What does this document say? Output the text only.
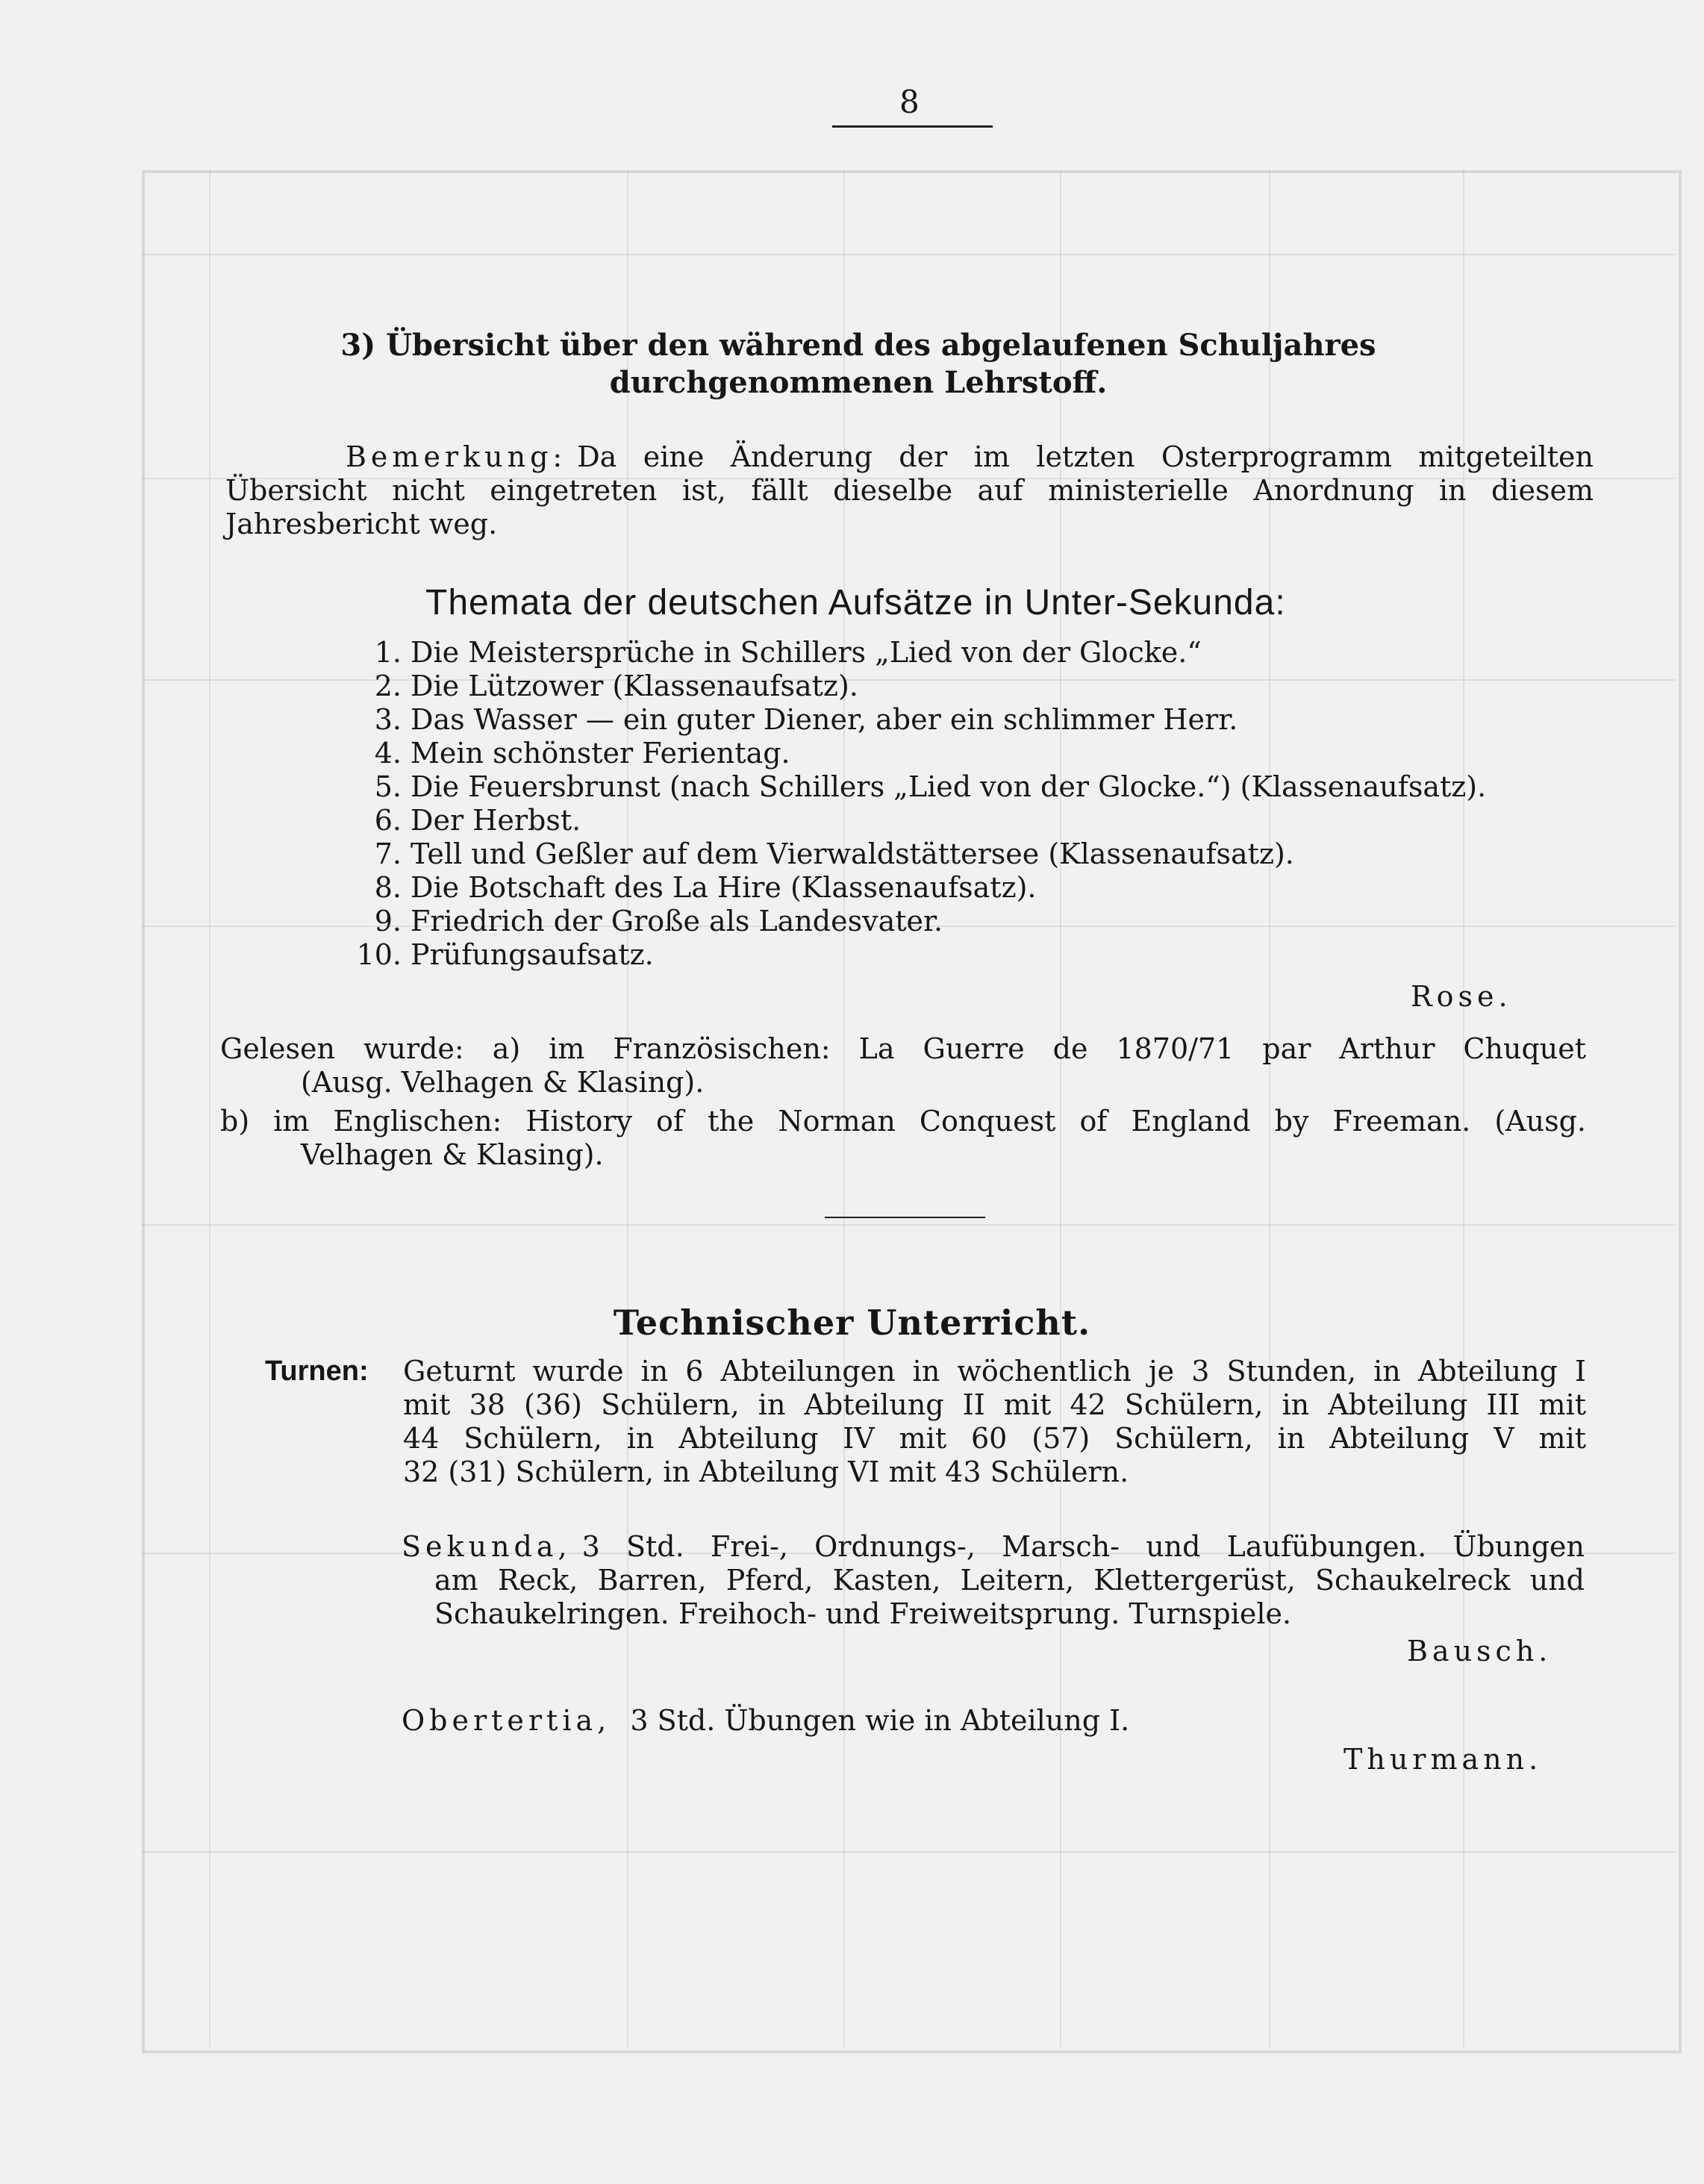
8
3) Übersicht über den während des abgelaufenen Schuljahres
durchgenommenen Lehrstoff.
Bemerkung: Da eine Änderung der im letzten Osterprogramm mitgeteilten
Übersicht nicht eingetreten ist, fällt dieselbe auf ministerielle Anordnung in diesem
Jahresbericht weg.
Themata der deutschen Aufsätze in Unter-Sekunda:
1. Die Meistersprüche in Schillers „Lied von der Glocke.“
2. Die Lützower (Klassenaufsatz).
3. Das Wasser — ein guter Diener, aber ein schlimmer Herr.
4. Mein schönster Ferientag.
5. Die Feuersbrunst (nach Schillers „Lied von der Glocke.“) (Klassenaufsatz).
6. Der Herbst.
7. Tell und Geßler auf dem Vierwaldstättersee (Klassenaufsatz).
8. Die Botschaft des La Hire (Klassenaufsatz).
9. Friedrich der Große als Landesvater.
10. Prüfungsaufsatz.
Rose.
Gelesen wurde: a) im Französischen: La Guerre de 1870/71 par Arthur Chuquet
(Ausg. Velhagen & Klasing).
b) im Englischen: History of the Norman Conquest of England by Freeman. (Ausg.
Velhagen & Klasing).
Technischer Unterricht.
Turnen:	Geturnt wurde in 6 Abteilungen in wöchentlich je 3 Stunden, in Abteilung I
mit 38 (36) Schülern, in Abteilung II mit 42 Schülern, in Abteilung III mit
44 Schülern, in Abteilung IV mit 60 (57) Schülern, in Abteilung V mit
32 (31) Schülern, in Abteilung VI mit 43 Schülern.
Sekunda, 3 Std. Frei-, Ordnungs-, Marsch- und Laufübungen. Übungen
am Reck, Barren, Pferd, Kasten, Leitern, Klettergerüst, Schaukelreck und
Schaukelringen. Freihoch- und Freiweitsprung. Turnspiele.
Bausch.
Obertertia, 3 Std. Übungen wie in Abteilung I.
Thurmann.
